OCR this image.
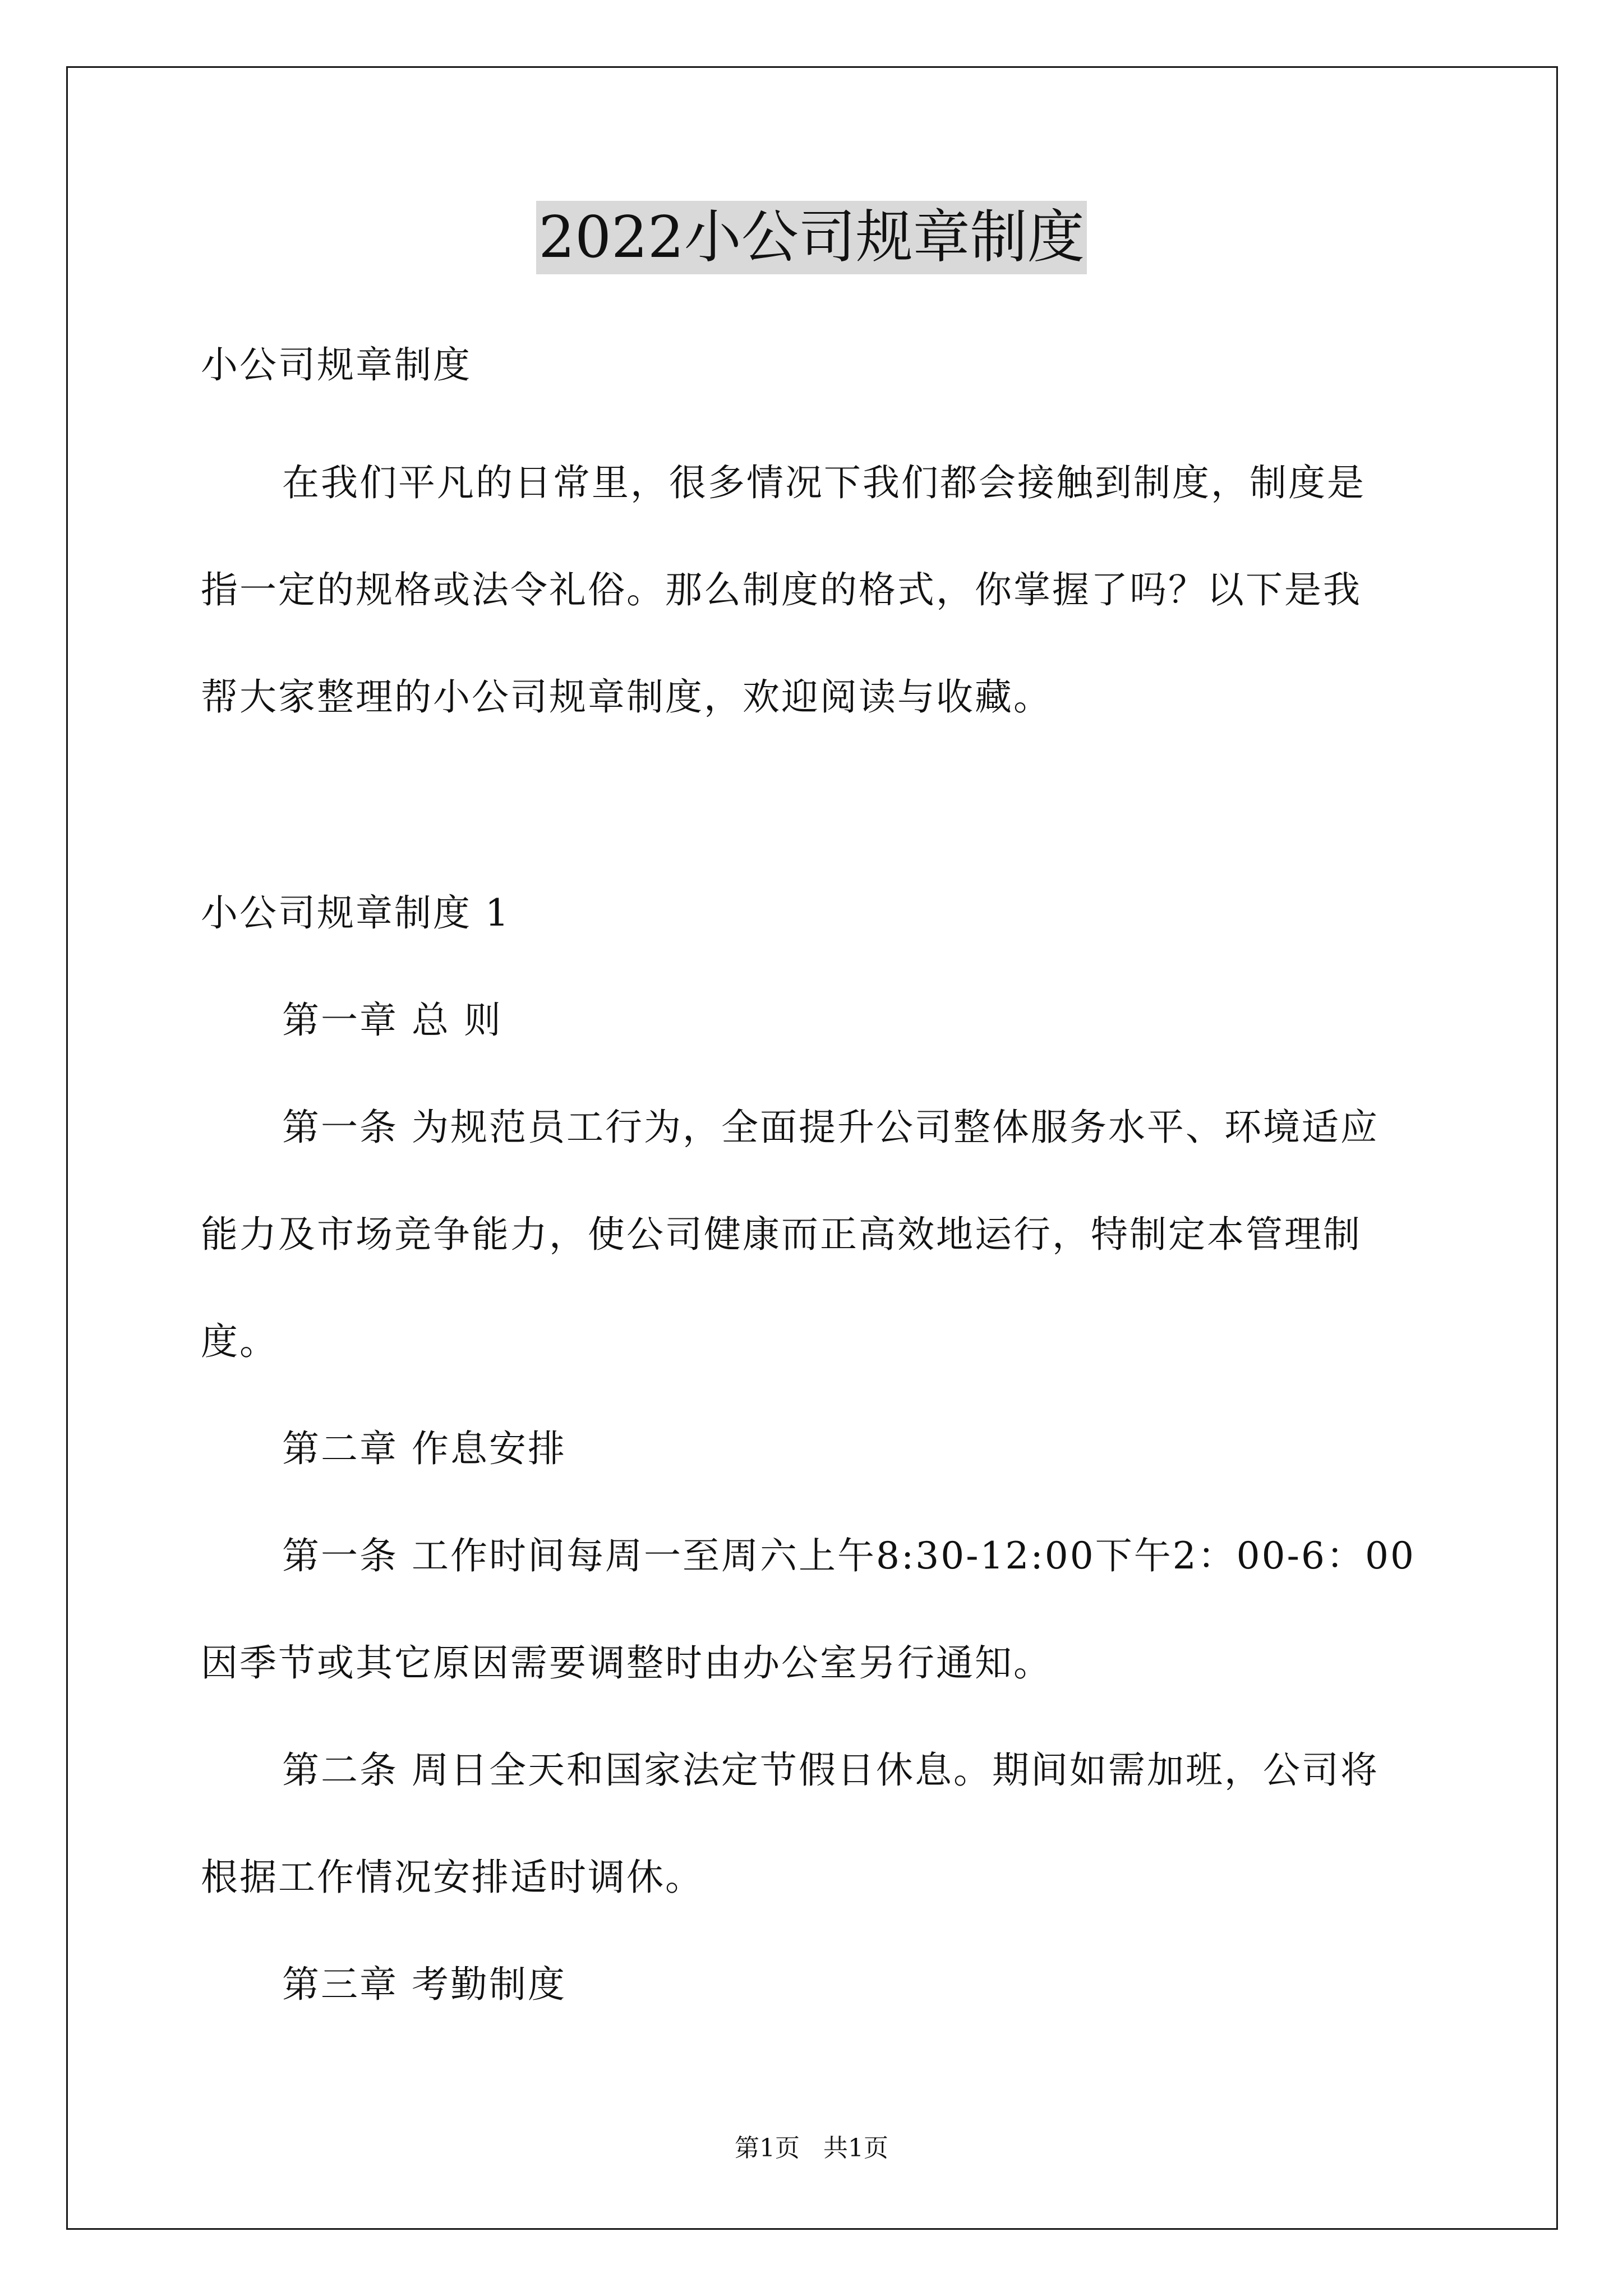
2022小公司规章制度

小公司规章制度

在我们平凡的日常里，很多情况下我们都会接触到制度，制度是
指一定的规格或法令礼俗。那么制度的格式，你掌握了吗？以下是我
帮大家整理的小公司规章制度，欢迎阅读与收藏。

小公司规章制度 1

第一章 总 则

第一条 为规范员工行为，全面提升公司整体服务水平、环境适应
能力及市场竞争能力，使公司健康而正高效地运行，特制定本管理制
度。

第二章 作息安排

第一条 工作时间每周一至周六上午8:30-12:00下午2：00-6：00
因季节或其它原因需要调整时由办公室另行通知。

第二条 周日全天和国家法定节假日休息。期间如需加班，公司将
根据工作情况安排适时调休。

第三章 考勤制度

第1页 共1页
